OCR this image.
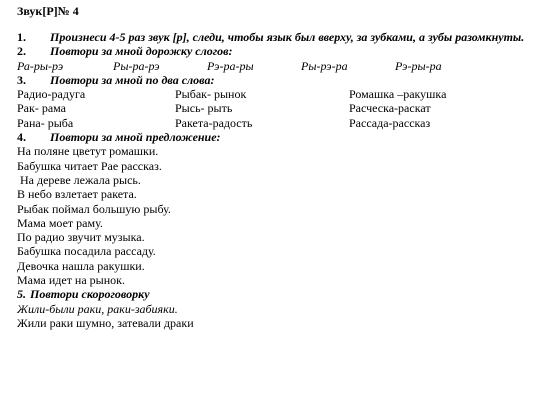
Звук[Р]№ 4
1.	Произнеси 4-5 раз звук [р], следи, чтобы язык был вверху, за зубками, а зубы разомкнуты.
2.	Повтори за мной дорожку слогов:
Ра-ры-рэ	Ры-ра-рэ	Рэ-ра-ры	Ры-рэ-ра	Рэ-ры-ра
3.	Повтори за мной по два слова:
Радио-радуга	Рыбак- рынок	Ромашка –ракушка
Рак- рама	Рысь- рыть	Расческа-раскат
Рана- рыба	Ракета-радость	Рассада-рассказ
4.	Повтори за мной предложение:
На поляне цветут ромашки.
Бабушка читает Рае рассказ.
На дереве лежала рысь.
В небо взлетает ракета.
Рыбак поймал большую рыбу.
Мама моет раму.
По радио звучит музыка.
Бабушка посадила рассаду.
Девочка нашла ракушки.
Мама идет на рынок.
5. Повтори скороговорку
Жили-были раки, раки-забияки.
Жили раки шумно, затевали драки
